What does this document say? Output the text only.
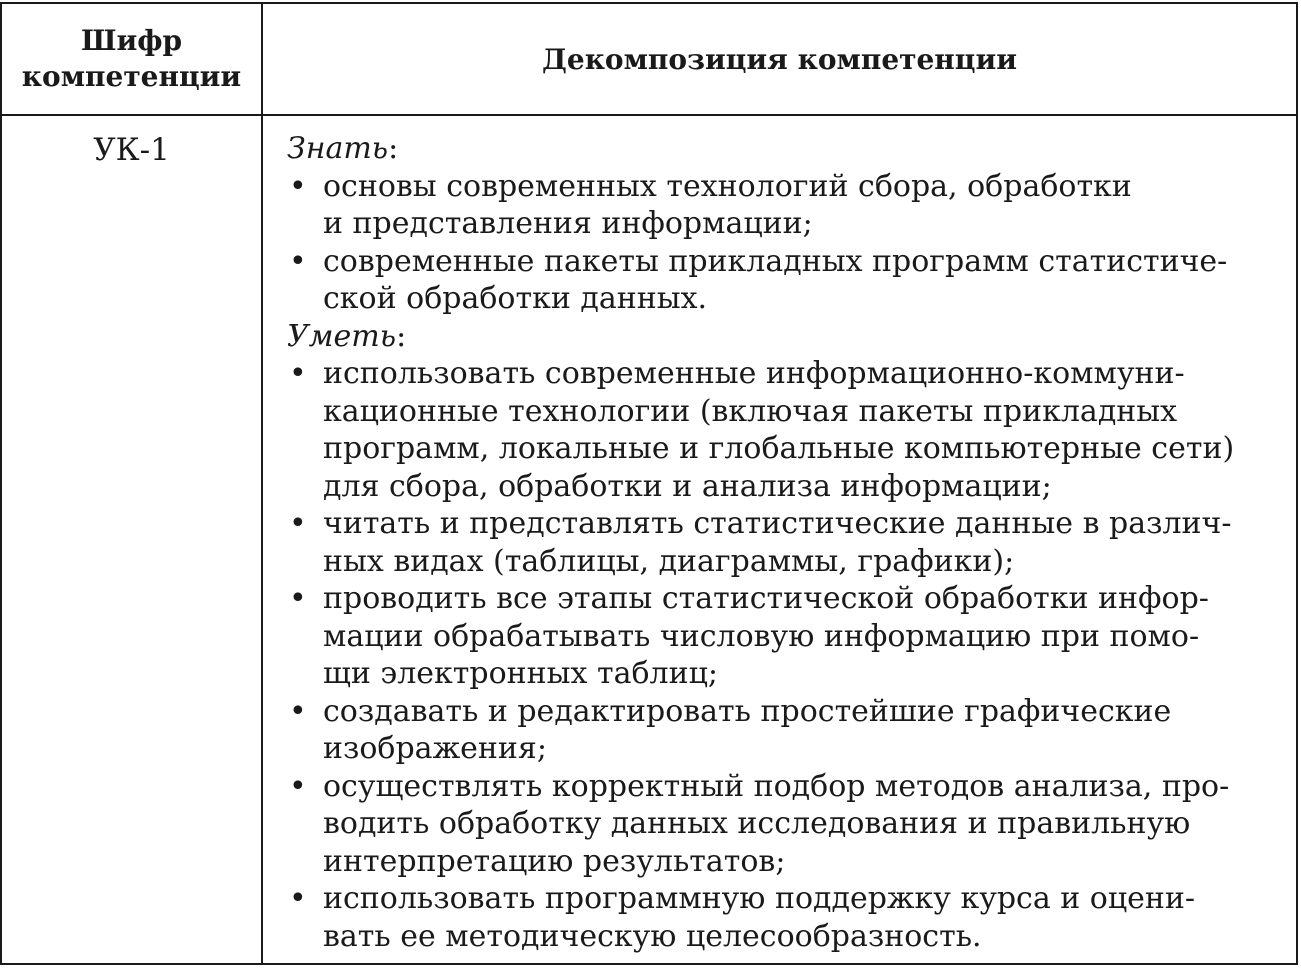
Шифр
компетенции
Декомпозиция компетенции
УК-1	Знать:
• основы современных технологий сбора, обработки
и представления информации;
• современные пакеты прикладных программ статистиче-
ской обработки данных.
Уметь:
• использовать современные информационно-коммуни-
кационные технологии (включая пакеты прикладных
программ, локальные и глобальные компьютерные сети)
для сбора, обработки и анализа информации;
• читать и представлять статистические данные в различ-
ных видах (таблицы, диаграммы, графики);
• проводить все этапы статистической обработки инфор-
мации обрабатывать числовую информацию при помо-
щи электронных таблиц;
• создавать и редактировать простейшие графические
изображения;
• осуществлять корректный подбор методов анализа, про-
водить обработку данных исследования и правильную
интерпретацию результатов;
• использовать программную поддержку курса и оцени-
вать ее методическую целесообразность.
